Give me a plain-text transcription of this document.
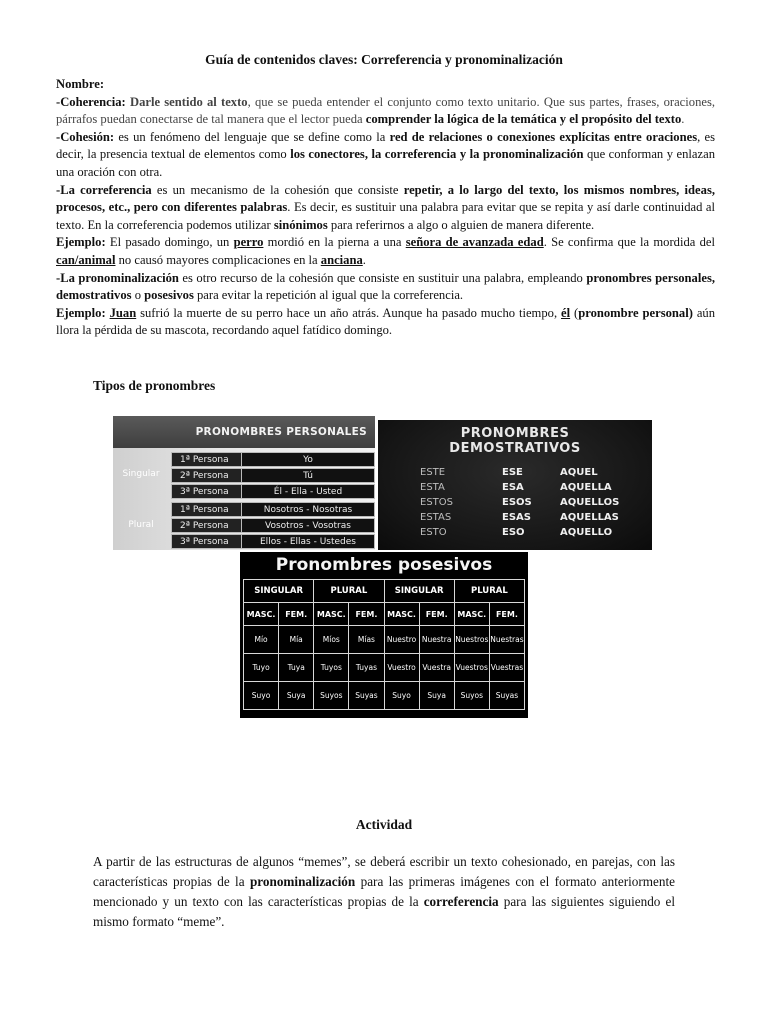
Guía de contenidos claves: Correferencia y pronominalización

Nombre:

-Coherencia: Darle sentido al texto, que se pueda entender el conjunto como texto unitario. Que sus partes, frases, oraciones, párrafos puedan conectarse de tal manera que el lector pueda comprender la lógica de la temática y el propósito del texto.

-Cohesión: es un fenómeno del lenguaje que se define como la red de relaciones o conexiones explícitas entre oraciones, es decir, la presencia textual de elementos como los conectores, la correferencia y la pronominalización que conforman y enlazan una oración con otra.

-La correferencia es un mecanismo de la cohesión que consiste repetir, a lo largo del texto, los mismos nombres, ideas, procesos, etc., pero con diferentes palabras. Es decir, es sustituir una palabra para evitar que se repita y así darle continuidad al texto. En la correferencia podemos utilizar sinónimos para referirnos a algo o alguien de manera diferente.

Ejemplo: El pasado domingo, un perro mordió en la pierna a una señora de avanzada edad. Se confirma que la mordida del can/animal no causó mayores complicaciones en la anciana.

-La pronominalización es otro recurso de la cohesión que consiste en sustituir una palabra, empleando pronombres personales, demostrativos o posesivos para evitar la repetición al igual que la correferencia.

Ejemplo: Juan sufrió la muerte de su perro hace un año atrás. Aunque ha pasado mucho tiempo, él (pronombre personal) aún llora la pérdida de su mascota, recordando aquel fatídico domingo.

Tipos de pronombres
PRONOMBRES PERSONALES
Singular
Plural
1ª Persona	Yo
2ª Persona	Tú
3ª Persona	Él - Ella - Usted
1ª Persona	Nosotros - Nosotras
2ª Persona	Vosotros - Vosotras
3ª Persona	Ellos - Ellas - Ustedes
PRONOMBRES
DEMOSTRATIVOS
ESTE	ESE	AQUEL
ESTA	ESA	AQUELLA
ESTOS	ESOS	AQUELLOS
ESTAS	ESAS	AQUELLAS
ESTO	ESO	AQUELLO
Pronombres posesivos
SINGULAR		PLURAL		SINGULAR		PLURAL	
MASC.	FEM.	MASC.	FEM.	MASC.	FEM.	MASC.	FEM.
Mío	Mía	Míos	Mías	Nuestro	Nuestra	Nuestros	Nuestras
Tuyo	Tuya	Tuyos	Tuyas	Vuestro	Vuestra	Vuestros	Vuestras
Suyo	Suya	Suyos	Suyas	Suyo	Suya	Suyos	Suyas
Actividad

A partir de las estructuras de algunos “memes”, se deberá escribir un texto cohesionado, en parejas, con las características propias de la pronominalización para las primeras imágenes con el formato anteriormente mencionado y un texto con las características propias de la correferencia para las siguientes siguiendo el mismo formato “meme”.
